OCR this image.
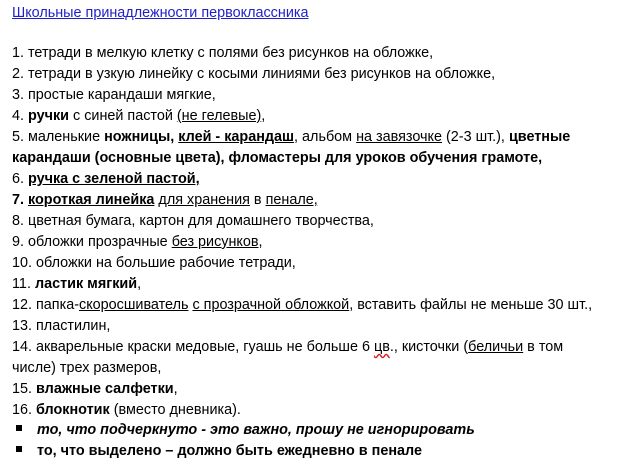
Школьные принадлежности первоклассника
1. тетради в мелкую клетку с полями без рисунков на обложке,
2. тетради в узкую линейку с косыми линиями без рисунков на обложке,
3. простые карандаши мягкие,
4. ручки с синей пастой (не гелевые),
5. маленькие ножницы, клей - карандаш, альбом на завязочке (2-3 шт.), цветные
карандаши (основные цвета), фломастеры для уроков обучения грамоте,
6. ручка с зеленой пастой,
7. короткая линейка для хранения в пенале,
8. цветная бумага, картон для домашнего творчества,
9. обложки прозрачные без рисунков,
10. обложки на большие рабочие тетради,
11. ластик мягкий,
12. папка-скоросшиватель с прозрачной обложкой, вставить файлы не меньше 30 шт.,
13. пластилин,
14. акварельные краски медовые, гуашь не больше 6 цв., кисточки (беличьи в том
числе) трех размеров,
15. влажные салфетки,
16. блокнотик (вместо дневника).
то, что подчеркнуто - это важно, прошу не игнорировать
то, что выделено – должно быть ежедневно в пенале
